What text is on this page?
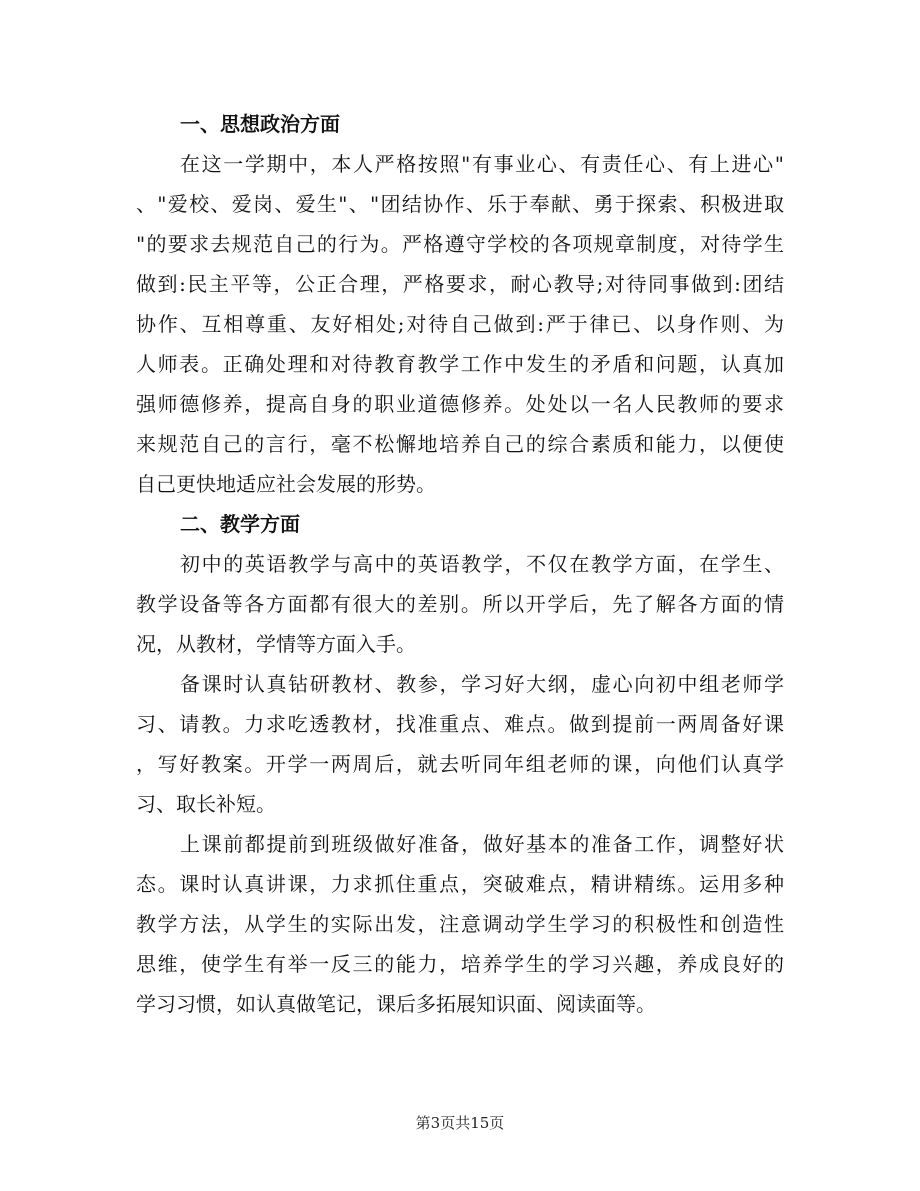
一、思想政治方面

在这一学期中，本人严格按照"有事业心、有责任心、有上进心"
、"爱校、爱岗、爱生"、"团结协作、乐于奉献、勇于探索、积极进取
"的要求去规范自己的行为。严格遵守学校的各项规章制度，对待学生
做到:民主平等，公正合理，严格要求，耐心教导;对待同事做到:团结
协作、互相尊重、友好相处;对待自己做到:严于律已、以身作则、为
人师表。正确处理和对待教育教学工作中发生的矛盾和问题，认真加
强师德修养，提高自身的职业道德修养。处处以一名人民教师的要求
来规范自己的言行，毫不松懈地培养自己的综合素质和能力，以便使
自己更快地适应社会发展的形势。

二、教学方面

初中的英语教学与高中的英语教学，不仅在教学方面，在学生、
教学设备等各方面都有很大的差别。所以开学后，先了解各方面的情
况，从教材，学情等方面入手。

备课时认真钻研教材、教参，学习好大纲，虚心向初中组老师学
习、请教。力求吃透教材，找准重点、难点。做到提前一两周备好课
，写好教案。开学一两周后，就去听同年组老师的课，向他们认真学
习、取长补短。

上课前都提前到班级做好准备，做好基本的准备工作，调整好状
态。课时认真讲课，力求抓住重点，突破难点，精讲精练。运用多种
教学方法，从学生的实际出发，注意调动学生学习的积极性和创造性
思维，使学生有举一反三的能力，培养学生的学习兴趣，养成良好的
学习习惯，如认真做笔记，课后多拓展知识面、阅读面等。

第3页共15页
